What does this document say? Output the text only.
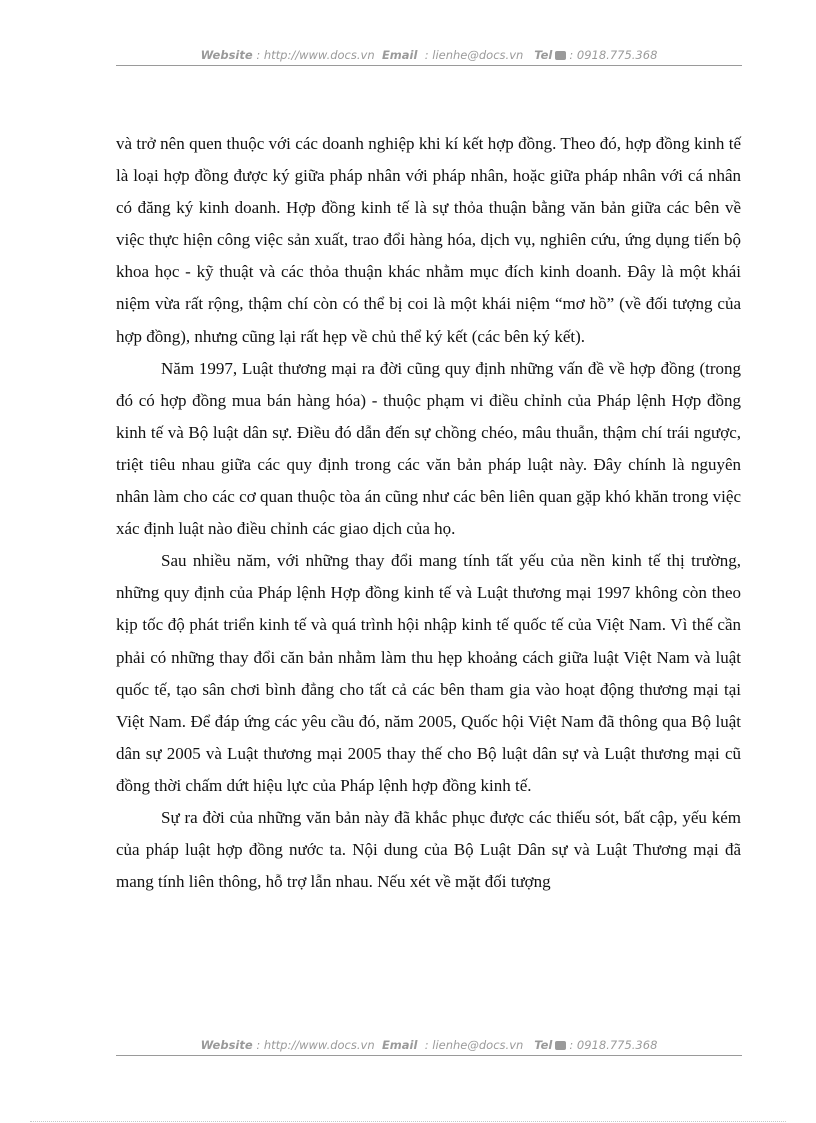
Website : http://www.docs.vn Email : lienhe@docs.vn Tel : 0918.775.368

và trở nên quen thuộc với các doanh nghiệp khi kí kết hợp đồng. Theo đó, hợp đồng kinh tế là loại hợp đồng được ký giữa pháp nhân với pháp nhân, hoặc giữa pháp nhân với cá nhân có đăng ký kinh doanh. Hợp đồng kinh tế là sự thỏa thuận bằng văn bản giữa các bên về việc thực hiện công việc sản xuất, trao đổi hàng hóa, dịch vụ, nghiên cứu, ứng dụng tiến bộ khoa học - kỹ thuật và các thỏa thuận khác nhằm mục đích kinh doanh. Đây là một khái niệm vừa rất rộng, thậm chí còn có thể bị coi là một khái niệm “mơ hồ” (về đối tượng của hợp đồng), nhưng cũng lại rất hẹp về chủ thể ký kết (các bên ký kết).

Năm 1997, Luật thương mại ra đời cũng quy định những vấn đề về hợp đồng (trong đó có hợp đồng mua bán hàng hóa) - thuộc phạm vi điều chỉnh của Pháp lệnh Hợp đồng kinh tế và Bộ luật dân sự. Điều đó dẫn đến sự chồng chéo, mâu thuẫn, thậm chí trái ngược, triệt tiêu nhau giữa các quy định trong các văn bản pháp luật này. Đây chính là nguyên nhân làm cho các cơ quan thuộc tòa án cũng như các bên liên quan gặp khó khăn trong việc xác định luật nào điều chỉnh các giao dịch của họ.

Sau nhiều năm, với những thay đổi mang tính tất yếu của nền kinh tế thị trường, những quy định của Pháp lệnh Hợp đồng kinh tế và Luật thương mại 1997 không còn theo kịp tốc độ phát triển kinh tế và quá trình hội nhập kinh tế quốc tế của Việt Nam. Vì thế cần phải có những thay đổi căn bản nhằm làm thu hẹp khoảng cách giữa luật Việt Nam và luật quốc tế, tạo sân chơi bình đẳng cho tất cả các bên tham gia vào hoạt động thương mại tại Việt Nam. Để đáp ứng các yêu cầu đó, năm 2005, Quốc hội Việt Nam đã thông qua Bộ luật dân sự 2005 và Luật thương mại 2005 thay thế cho Bộ luật dân sự và Luật thương mại cũ đồng thời chấm dứt hiệu lực của Pháp lệnh hợp đồng kinh tế.

Sự ra đời của những văn bản này đã khắc phục được các thiếu sót, bất cập, yếu kém của pháp luật hợp đồng nước ta. Nội dung của Bộ Luật Dân sự và Luật Thương mại đã mang tính liên thông, hỗ trợ lẫn nhau. Nếu xét về mặt đối tượng

Website : http://www.docs.vn Email : lienhe@docs.vn Tel : 0918.775.368
